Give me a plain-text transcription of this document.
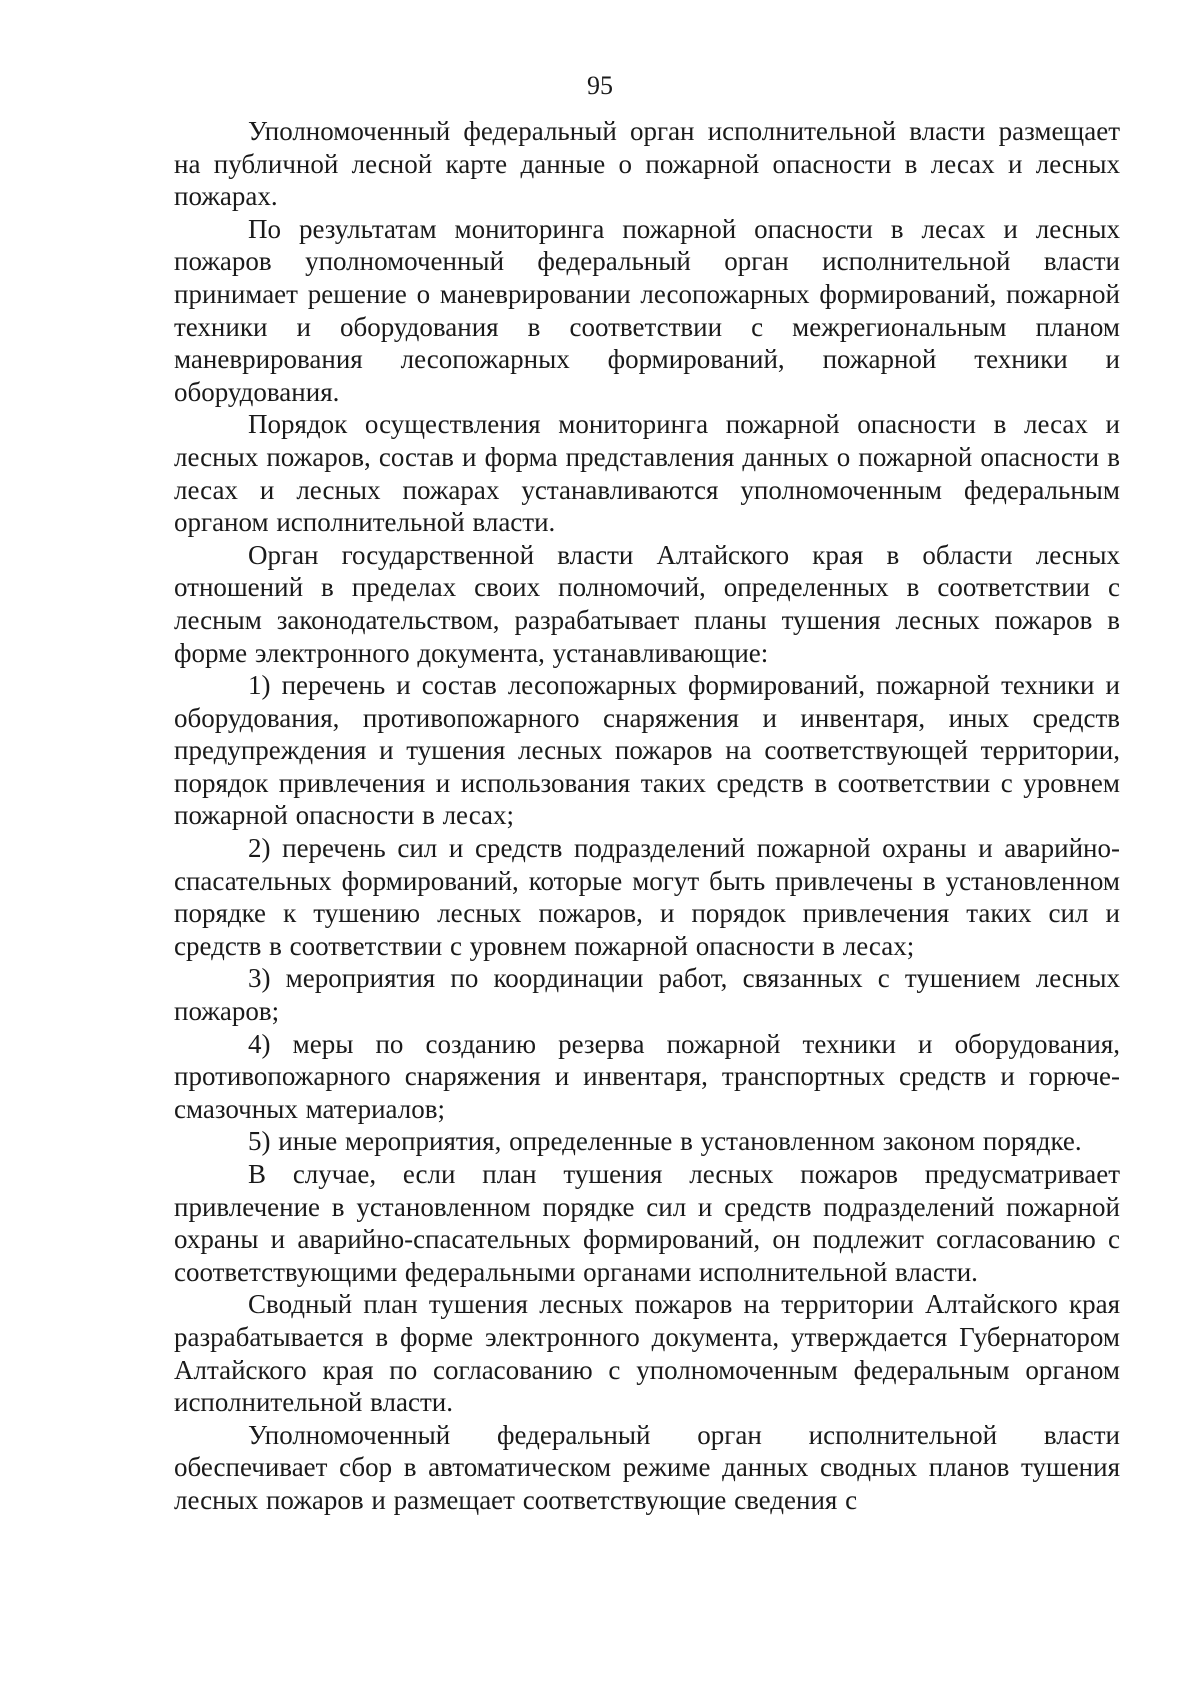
95

Уполномоченный федеральный орган исполнительной власти размещает на публичной лесной карте данные о пожарной опасности в лесах и лесных пожарах.

По результатам мониторинга пожарной опасности в лесах и лесных пожаров уполномоченный федеральный орган исполнительной власти принимает решение о маневрировании лесопожарных формирований, пожарной техники и оборудования в соответствии с межрегиональным планом маневрирования лесопожарных формирований, пожарной техники и оборудования.

Порядок осуществления мониторинга пожарной опасности в лесах и лесных пожаров, состав и форма представления данных о пожарной опасности в лесах и лесных пожарах устанавливаются уполномоченным федеральным органом исполнительной власти.

Орган государственной власти Алтайского края в области лесных отношений в пределах своих полномочий, определенных в соответствии с лесным законодательством, разрабатывает планы тушения лесных пожаров в форме электронного документа, устанавливающие:

1) перечень и состав лесопожарных формирований, пожарной техники и оборудования, противопожарного снаряжения и инвентаря, иных средств предупреждения и тушения лесных пожаров на соответствующей территории, порядок привлечения и использования таких средств в соответствии с уровнем пожарной опасности в лесах;

2) перечень сил и средств подразделений пожарной охраны и аварийно-спасательных формирований, которые могут быть привлечены в установленном порядке к тушению лесных пожаров, и порядок привлечения таких сил и средств в соответствии с уровнем пожарной опасности в лесах;

3) мероприятия по координации работ, связанных с тушением лесных пожаров;

4) меры по созданию резерва пожарной техники и оборудования, противопожарного снаряжения и инвентаря, транспортных средств и горюче-смазочных материалов;

5) иные мероприятия, определенные в установленном законом порядке.

В случае, если план тушения лесных пожаров предусматривает привлечение в установленном порядке сил и средств подразделений пожарной охраны и аварийно-спасательных формирований, он подлежит согласованию с соответствующими федеральными органами исполнительной власти.

Сводный план тушения лесных пожаров на территории Алтайского края разрабатывается в форме электронного документа, утверждается Губернатором Алтайского края по согласованию с уполномоченным федеральным органом исполнительной власти.

Уполномоченный федеральный орган исполнительной власти обеспечивает сбор в автоматическом режиме данных сводных планов тушения лесных пожаров и размещает соответствующие сведения с
